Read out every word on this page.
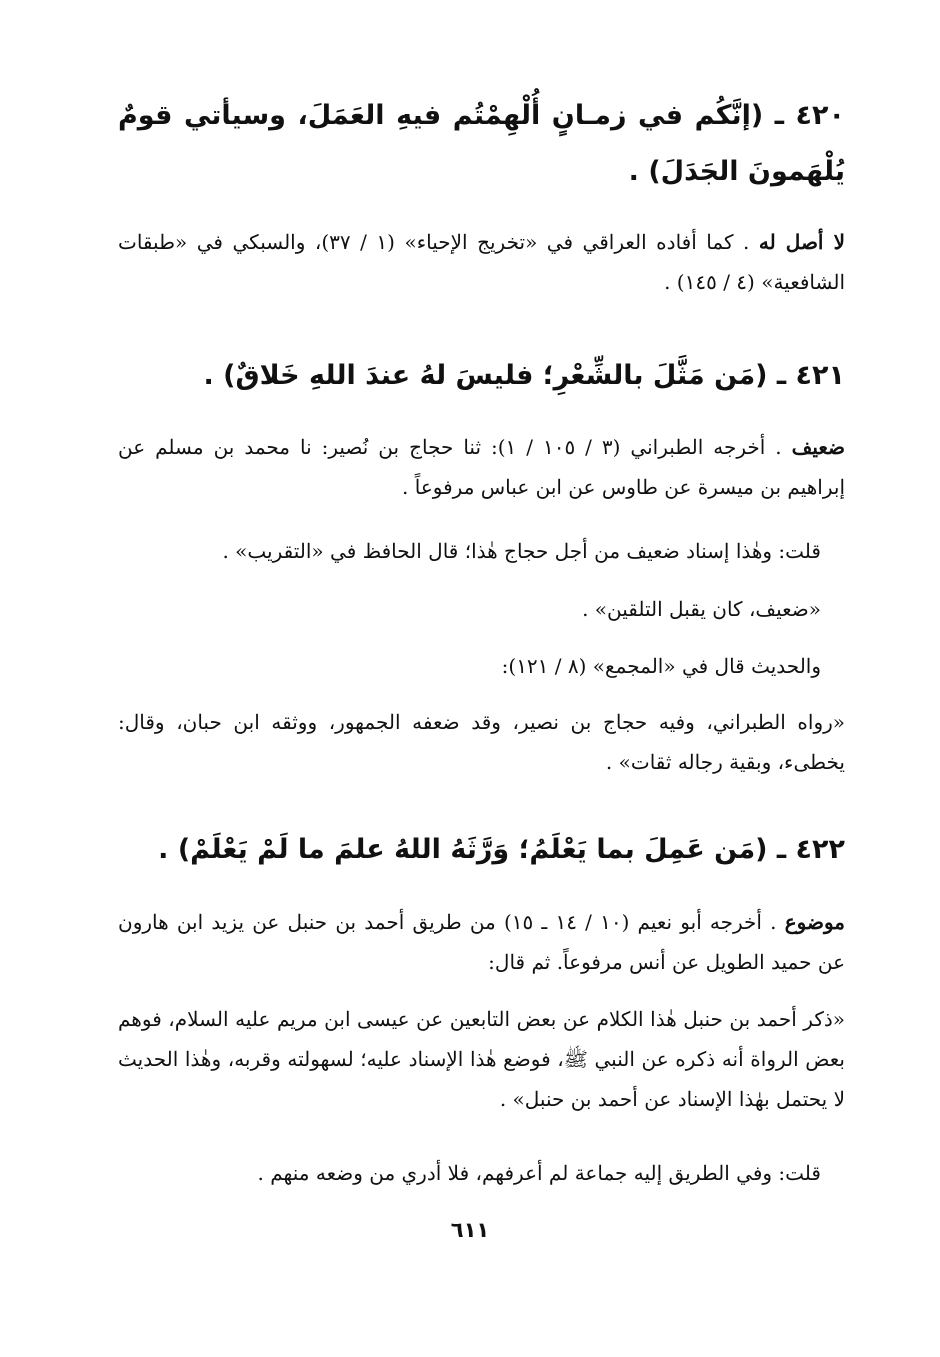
٤٢٠ ـ (إنَّكُم في زمـانٍ أُلْهِمْتُم فيهِ العَمَلَ، وسيأتي قومٌ يُلْهَمونَ الجَدَلَ) .

لا أصل له . كما أفاده العراقي في «تخريج الإحياء» (١ / ٣٧)، والسبكي في «طبقات الشافعية» (٤ / ١٤٥) .

٤٢١ ـ (مَن مَثَّلَ بالشِّعْرِ؛ فليسَ لهُ عندَ اللهِ خَلاقٌ) .

ضعيف . أخرجه الطبراني (٣ / ١٠٥ / ١): ثنا حجاج بن نُصير: نا محمد بن مسلم عن إبراهيم بن ميسرة عن طاوس عن ابن عباس مرفوعاً .

قلت: وهٰذا إسناد ضعيف من أجل حجاج هٰذا؛ قال الحافظ في «التقريب» .

«ضعيف، كان يقبل التلقين» .

والحديث قال في «المجمع» (٨ / ١٢١):

«رواه الطبراني، وفيه حجاج بن نصير، وقد ضعفه الجمهور، ووثقه ابن حبان، وقال: يخطىء، وبقية رجاله ثقات» .

٤٢٢ ـ (مَن عَمِلَ بما يَعْلَمُ؛ وَرَّثَهُ اللهُ علمَ ما لَمْ يَعْلَمْ) .

موضوع . أخرجه أبو نعيم (١٠ / ١٤ ـ ١٥) من طريق أحمد بن حنبل عن يزيد ابن هارون عن حميد الطويل عن أنس مرفوعاً. ثم قال:

«ذكر أحمد بن حنبل هٰذا الكلام عن بعض التابعين عن عيسى ابن مريم عليه السلام، فوهم بعض الرواة أنه ذكره عن النبي ﷺ، فوضع هٰذا الإسناد عليه؛ لسهولته وقربه، وهٰذا الحديث لا يحتمل بهٰذا الإسناد عن أحمد بن حنبل» .

قلت: وفي الطريق إليه جماعة لم أعرفهم، فلا أدري من وضعه منهم .

٦١١
